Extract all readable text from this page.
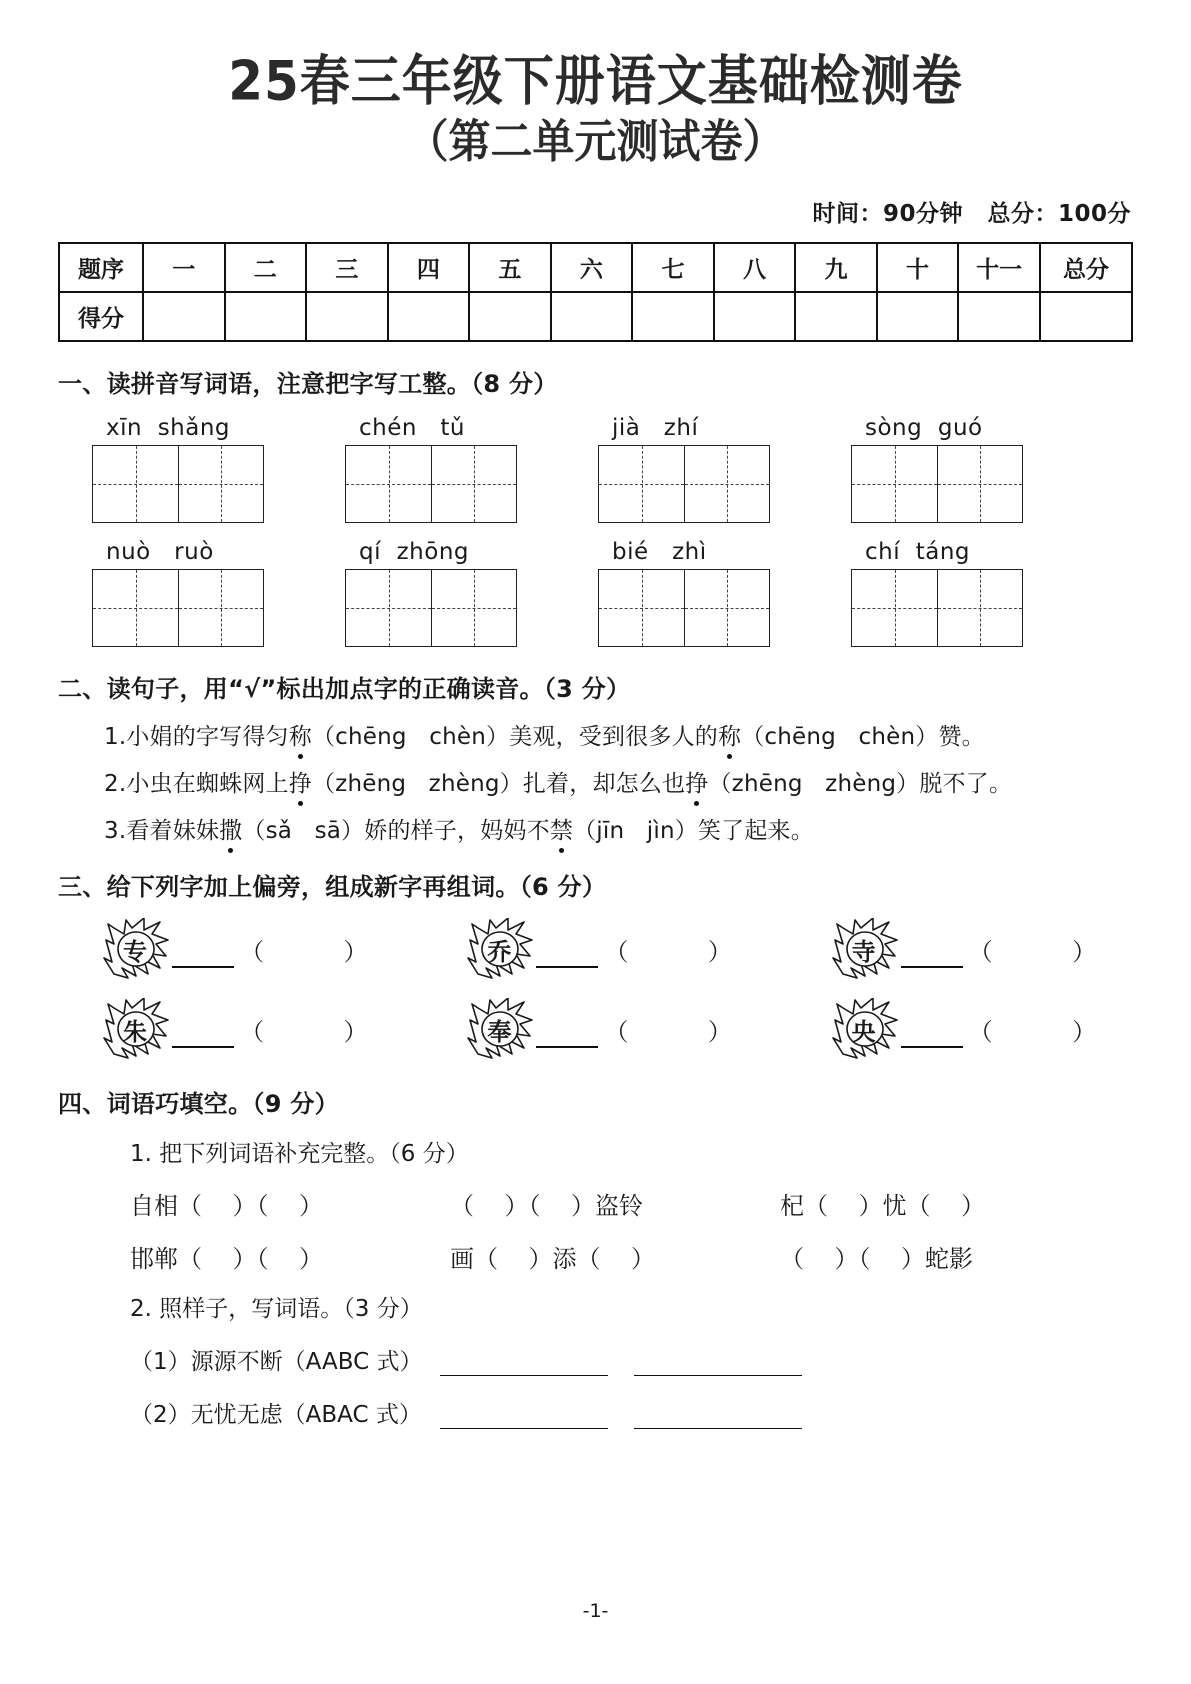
25春三年级下册语文基础检测卷
（第二单元测试卷）
时间：90分钟 总分：100分
题序	一	二	三	四	五	六	七	八	九	十	十一	总分
得分												
一、读拼音写词语，注意把字写工整。（8 分）
xīn  shǎng	chén   tǔ	jià   zhí	sòng  guó
nuò   ruò	qí  zhōng	bié   zhì	chí  táng
二、读句子，用“√”标出加点字的正确读音。（3 分）
1.小娟的字写得匀称（chēng   chèn）美观，受到很多人的称（chēng   chèn）赞。
2.小虫在蜘蛛网上挣（zhēng   zhèng）扎着，却怎么也挣（zhēng   zhèng）脱不了。
3.看着妹妹撒（sǎ   sā）娇的样子，妈妈不禁（jīn   jìn）笑了起来。
三、给下列字加上偏旁，组成新字再组词。（6 分）
专	（          ）	乔	（          ）	寺	（          ）
朱	（          ）	奉	（          ）	央	（          ）
四、词语巧填空。（9 分）
1. 把下列词语补充完整。（6 分）
自相（    ）（    ）	（    ）（    ）盗铃	杞（    ）忧（    ）
邯郸（    ）（    ）	画（    ）添（    ）	（    ）（    ）蛇影
2. 照样子，写词语。（3 分）
（1）源源不断（AABC 式）
（2）无忧无虑（ABAC 式）
-1-
